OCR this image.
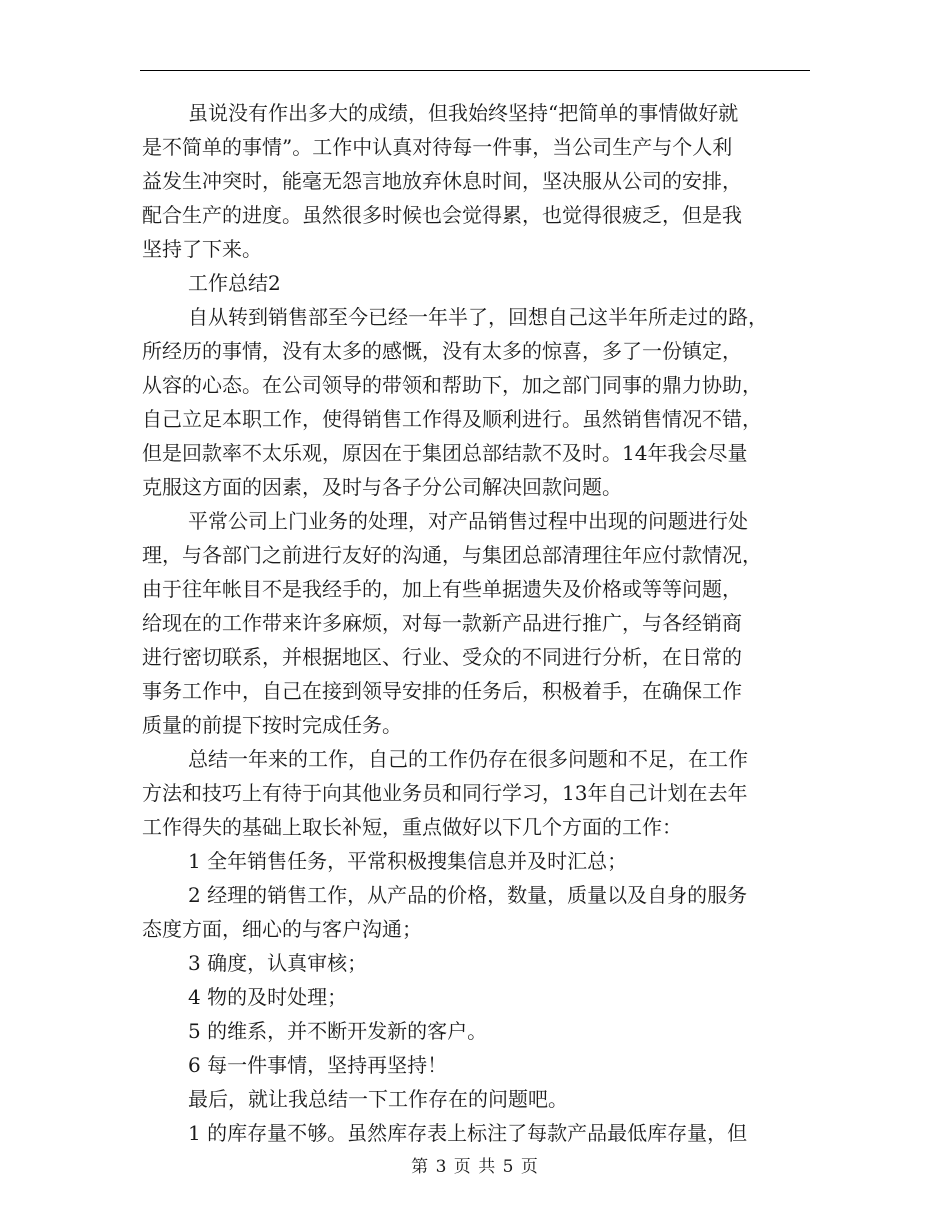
虽说没有作出多大的成绩，但我始终坚持“把简单的事情做好就
是不简单的事情”。工作中认真对待每一件事，当公司生产与个人利
益发生冲突时，能毫无怨言地放弃休息时间，坚决服从公司的安排，
配合生产的进度。虽然很多时候也会觉得累，也觉得很疲乏，但是我
坚持了下来。
工作总结2
自从转到销售部至今已经一年半了，回想自己这半年所走过的路，
所经历的事情，没有太多的感慨，没有太多的惊喜，多了一份镇定，
从容的心态。在公司领导的带领和帮助下，加之部门同事的鼎力协助，
自己立足本职工作，使得销售工作得及顺利进行。虽然销售情况不错，
但是回款率不太乐观，原因在于集团总部结款不及时。14年我会尽量
克服这方面的因素，及时与各子分公司解决回款问题。
平常公司上门业务的处理，对产品销售过程中出现的问题进行处
理，与各部门之前进行友好的沟通，与集团总部清理往年应付款情况，
由于往年帐目不是我经手的，加上有些单据遗失及价格或等等问题，
给现在的工作带来许多麻烦，对每一款新产品进行推广，与各经销商
进行密切联系，并根据地区、行业、受众的不同进行分析，在日常的
事务工作中，自己在接到领导安排的任务后，积极着手，在确保工作
质量的前提下按时完成任务。
总结一年来的工作，自己的工作仍存在很多问题和不足，在工作
方法和技巧上有待于向其他业务员和同行学习，13年自己计划在去年
工作得失的基础上取长补短，重点做好以下几个方面的工作：
1 全年销售任务，平常积极搜集信息并及时汇总；
2 经理的销售工作，从产品的价格，数量，质量以及自身的服务
态度方面，细心的与客户沟通；
3 确度，认真审核；
4 物的及时处理；
5 的维系，并不断开发新的客户。
6 每一件事情，坚持再坚持！
最后，就让我总结一下工作存在的问题吧。
1 的库存量不够。虽然库存表上标注了每款产品最低库存量，但
第 3 页 共 5 页
